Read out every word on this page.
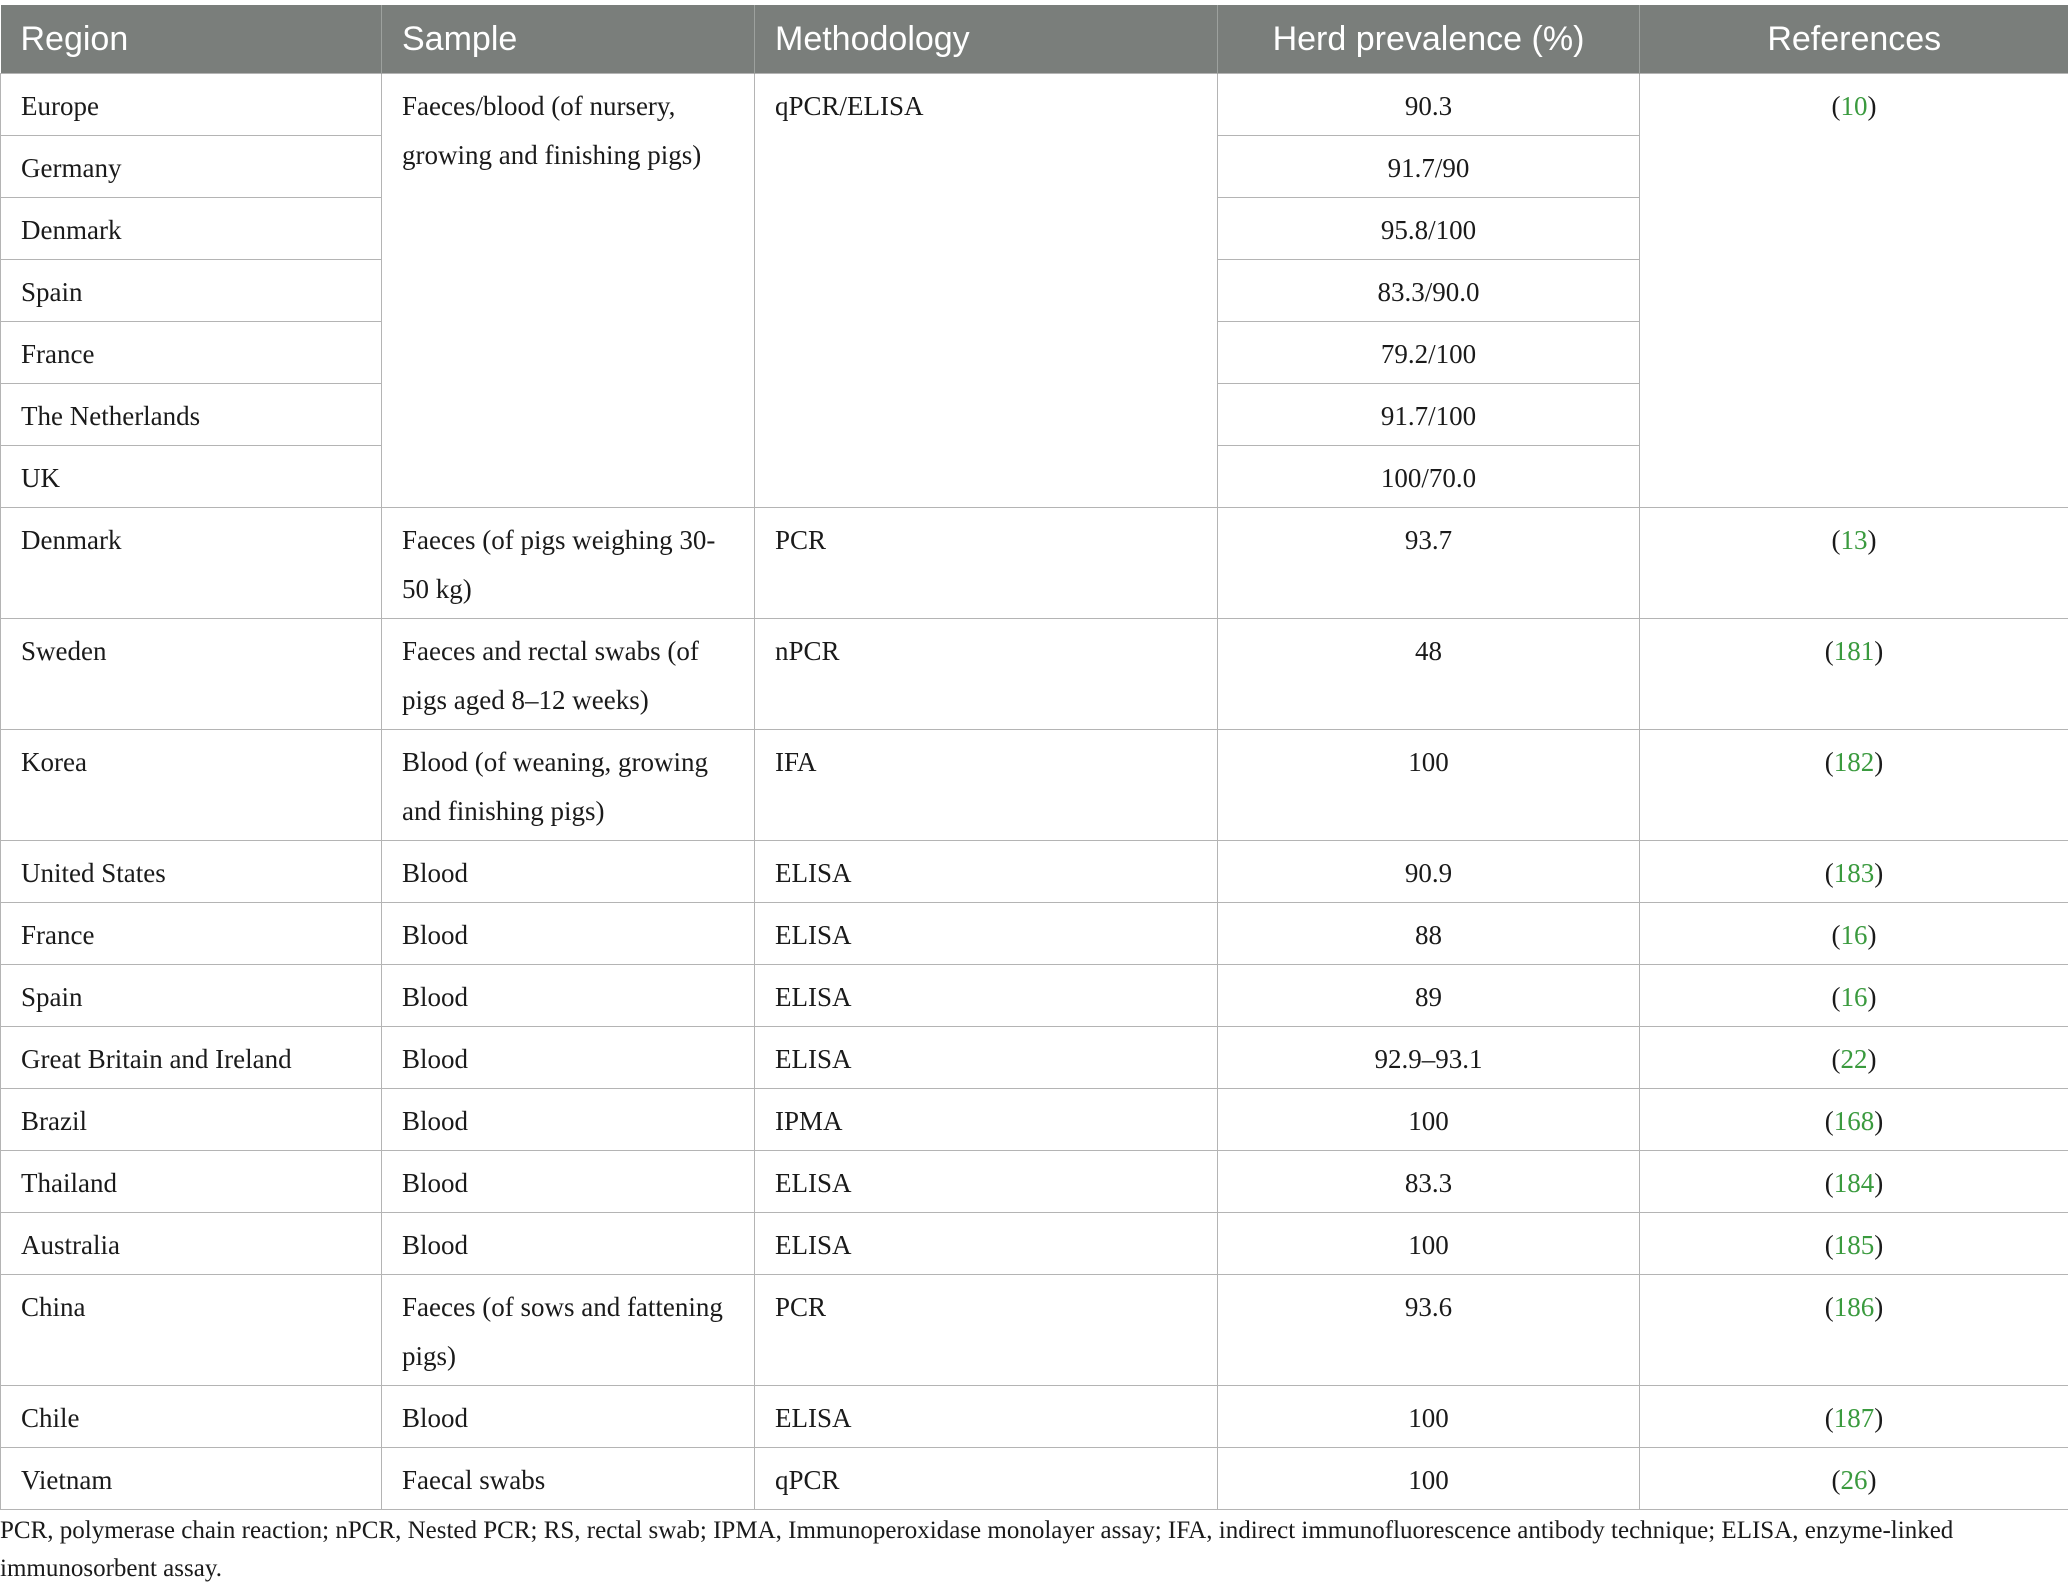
Region	Sample	Methodology	Herd prevalence (%)	References
Europe	Faeces/blood (of nursery, growing and finishing pigs)	qPCR/ELISA	90.3	(10)
Germany			91.7/90	
Denmark			95.8/100	
Spain			83.3/90.0	
France			79.2/100	
The Netherlands			91.7/100	
UK			100/70.0	
Denmark	Faeces (of pigs weighing 30-50 kg)	PCR	93.7	(13)
Sweden	Faeces and rectal swabs (of pigs aged 8–12 weeks)	nPCR	48	(181)
Korea	Blood (of weaning, growing and finishing pigs)	IFA	100	(182)
United States	Blood	ELISA	90.9	(183)
France	Blood	ELISA	88	(16)
Spain	Blood	ELISA	89	(16)
Great Britain and Ireland	Blood	ELISA	92.9–93.1	(22)
Brazil	Blood	IPMA	100	(168)
Thailand	Blood	ELISA	83.3	(184)
Australia	Blood	ELISA	100	(185)
China	Faeces (of sows and fattening pigs)	PCR	93.6	(186)
Chile	Blood	ELISA	100	(187)
Vietnam	Faecal swabs	qPCR	100	(26)
PCR, polymerase chain reaction; nPCR, Nested PCR; RS, rectal swab; IPMA, Immunoperoxidase monolayer assay; IFA, indirect immunofluorescence antibody technique; ELISA, enzyme-linked immunosorbent assay.
